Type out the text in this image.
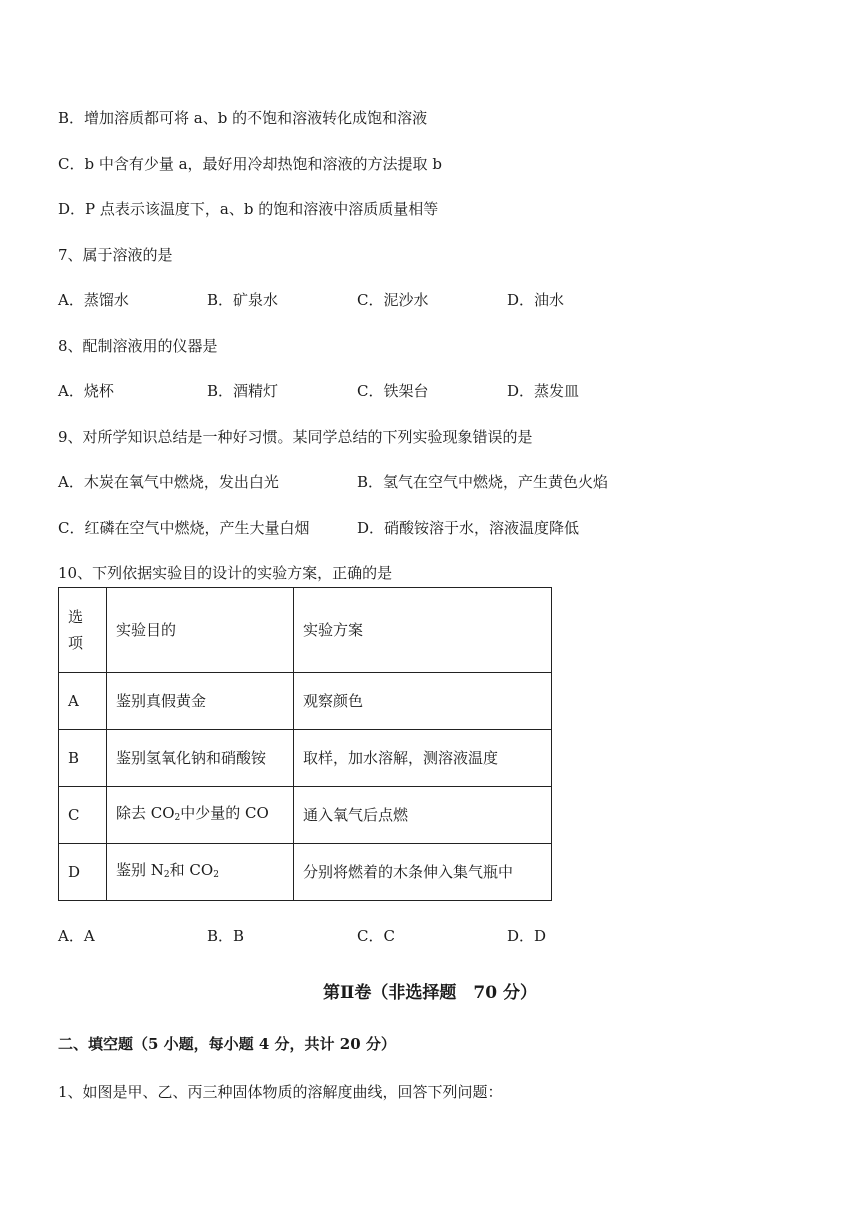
B．增加溶质都可将 a、b 的不饱和溶液转化成饱和溶液
C．b 中含有少量 a，最好用冷却热饱和溶液的方法提取 b
D．P 点表示该温度下，a、b 的饱和溶液中溶质质量相等
7、属于溶液的是
A．蒸馏水	B．矿泉水	C．泥沙水	D．油水
8、配制溶液用的仪器是
A．烧杯	B．酒精灯	C．铁架台	D．蒸发皿
9、对所学知识总结是一种好习惯。某同学总结的下列实验现象错误的是
A．木炭在氧气中燃烧，发出白光	B．氢气在空气中燃烧，产生黄色火焰
C．红磷在空气中燃烧，产生大量白烟	D．硝酸铵溶于水，溶液温度降低
10、下列依据实验目的设计的实验方案，正确的是
选项	实验目的	实验方案
A	鉴别真假黄金	观察颜色
B	鉴别氢氧化钠和硝酸铵	取样，加水溶解，测溶液温度
C	除去 $CO_2$中少量的 CO	通入氧气后点燃
D	鉴别 $N_2$和 $CO_2$	分别将燃着的木条伸入集气瓶中
A．A	B．B	C．C	D．D
第Ⅱ卷（非选择题　70 分）
二、填空题（5 小题，每小题 4 分，共计 20 分）
1、如图是甲、乙、丙三种固体物质的溶解度曲线，回答下列问题：
